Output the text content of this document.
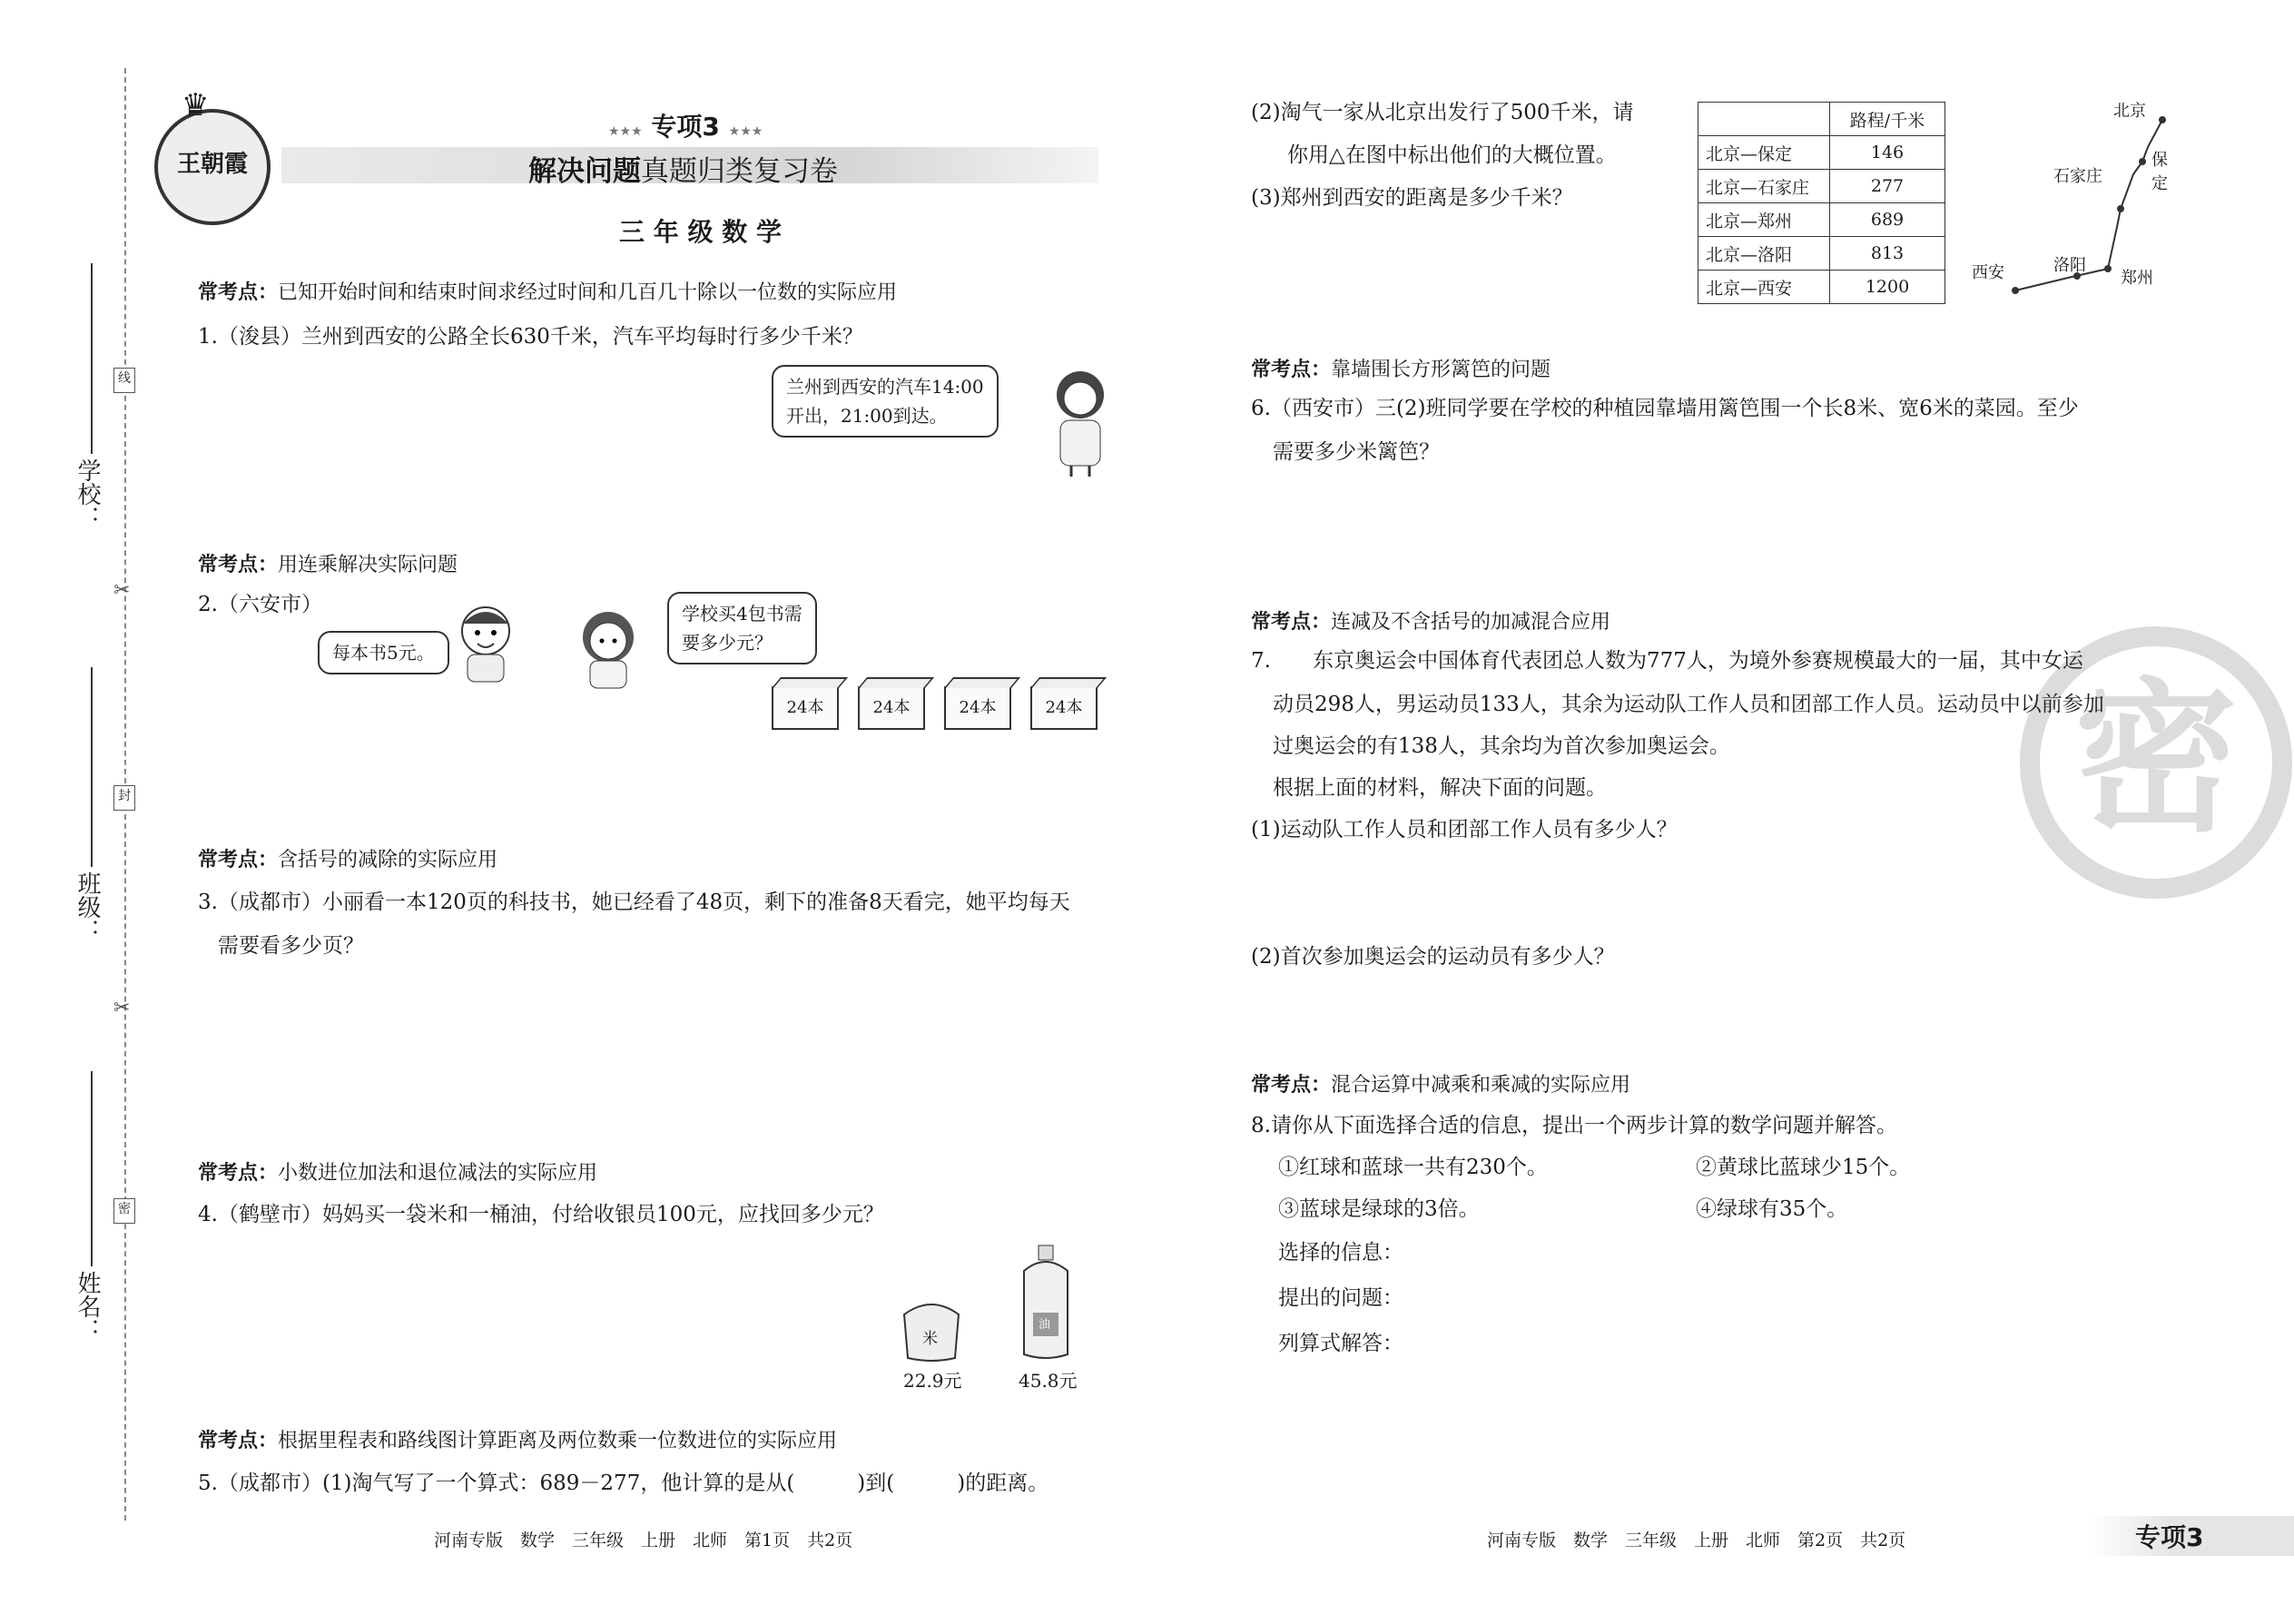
学校：
班级：
姓名：
线
封
密
✂
✂
王朝霞
♛
★★★ 专项3 ★★★
解决问题真题归类复习卷
三 年 级 数 学
常考点：已知开始时间和结束时间求经过时间和几百几十除以一位数的实际应用
1.（浚县）兰州到西安的公路全长630千米，汽车平均每时行多少千米？
兰州到西安的汽车14:00
开出，21:00到达。
常考点：用连乘解决实际问题
2.（六安市）
每本书5元。
学校买4包书需
要多少元？
24本	24本	24本	24本
常考点：含括号的减除的实际应用
3.（成都市）小丽看一本120页的科技书，她已经看了48页，剩下的准备8天看完，她平均每天
需要看多少页？
常考点：小数进位加法和退位减法的实际应用
4.（鹤壁市）妈妈买一袋米和一桶油，付给收银员100元，应找回多少元？
米
22.9元
油
45.8元
常考点：根据里程表和路线图计算距离及两位数乘一位数进位的实际应用
5.（成都市）(1)淘气写了一个算式：689－277，他计算的是从(　　　)到(　　　)的距离。
河南专版　数学　三年级　上册　北师　第1页　共2页
(2)淘气一家从北京出发行了500千米，请
你用△在图中标出他们的大概位置。
(3)郑州到西安的距离是多少千米？
	路程/千米
北京—保定	146
北京—石家庄	277
北京—郑州	689
北京—洛阳	813
北京—西安	1200
北京
保定
石家庄
洛阳
郑州
西安
常考点：靠墙围长方形篱笆的问题
6.（西安市）三(2)班同学要在学校的种植园靠墙用篱笆围一个长8米、宽6米的菜园。至少
需要多少米篱笆？
密
常考点：连减及不含括号的加减混合应用
7.　　东京奥运会中国体育代表团总人数为777人，为境外参赛规模最大的一届，其中女运
动员298人，男运动员133人，其余为运动队工作人员和团部工作人员。运动员中以前参加
过奥运会的有138人，其余均为首次参加奥运会。
根据上面的材料，解决下面的问题。
(1)运动队工作人员和团部工作人员有多少人？
(2)首次参加奥运会的运动员有多少人？
常考点：混合运算中减乘和乘减的实际应用
8.请你从下面选择合适的信息，提出一个两步计算的数学问题并解答。
①红球和蓝球一共有230个。	②黄球比蓝球少15个。
③蓝球是绿球的3倍。	④绿球有35个。
选择的信息：
提出的问题：
列算式解答：
河南专版　数学　三年级　上册　北师　第2页　共2页	专项3
